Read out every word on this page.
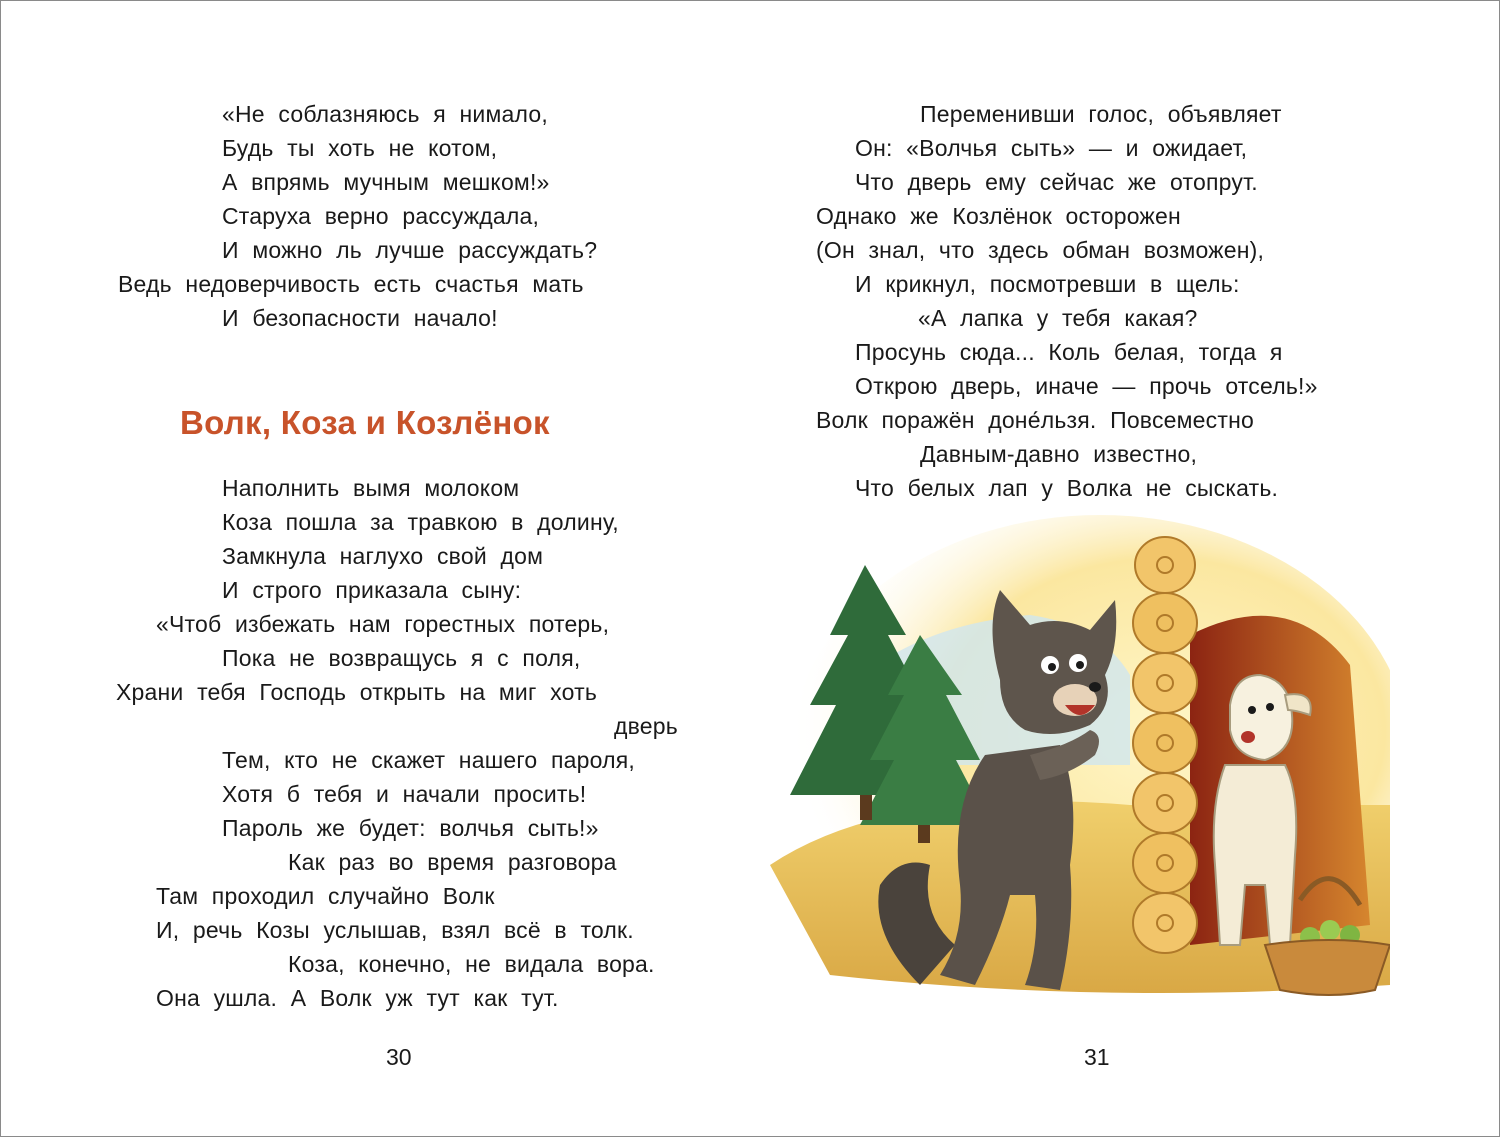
«Не соблазняюсь я нимало,
Будь ты хоть не котом,
А впрямь мучным мешком!»
Старуха верно рассуждала,
И можно ль лучше рассуждать?
Ведь недоверчивость есть счастья мать
И безопасности начало!
Волк, Коза и Козлёнок
Наполнить вымя молоком
Коза пошла за травкою в долину,
Замкнула наглухо свой дом
И строго приказала сыну:
«Чтоб избежать нам горестных потерь,
Пока не возвращусь я с поля,
Храни тебя Господь открыть на миг хоть
дверь
Тем, кто не скажет нашего пароля,
Хотя б тебя и начали просить!
Пароль же будет: волчья сыть!»
Как раз во время разговора
Там проходил случайно Волк
И, речь Козы услышав, взял всё в толк.
Коза, конечно, не видала вора.
Она ушла. А Волк уж тут как тут.
30
Переменивши голос, объявляет
Он: «Волчья сыть» — и ожидает,
Что дверь ему сейчас же отопрут.
Однако же Козлёнок осторожен
(Он знал, что здесь обман возможен),
И крикнул, посмотревши в щель:
«А лапка у тебя какая?
Просунь сюда... Коль белая, тогда я
Открою дверь, иначе — прочь отсель!»
Волк поражён доне́льзя. Повсеместно
Давным-давно известно,
Что белых лап у Волка не сыскать.
31
